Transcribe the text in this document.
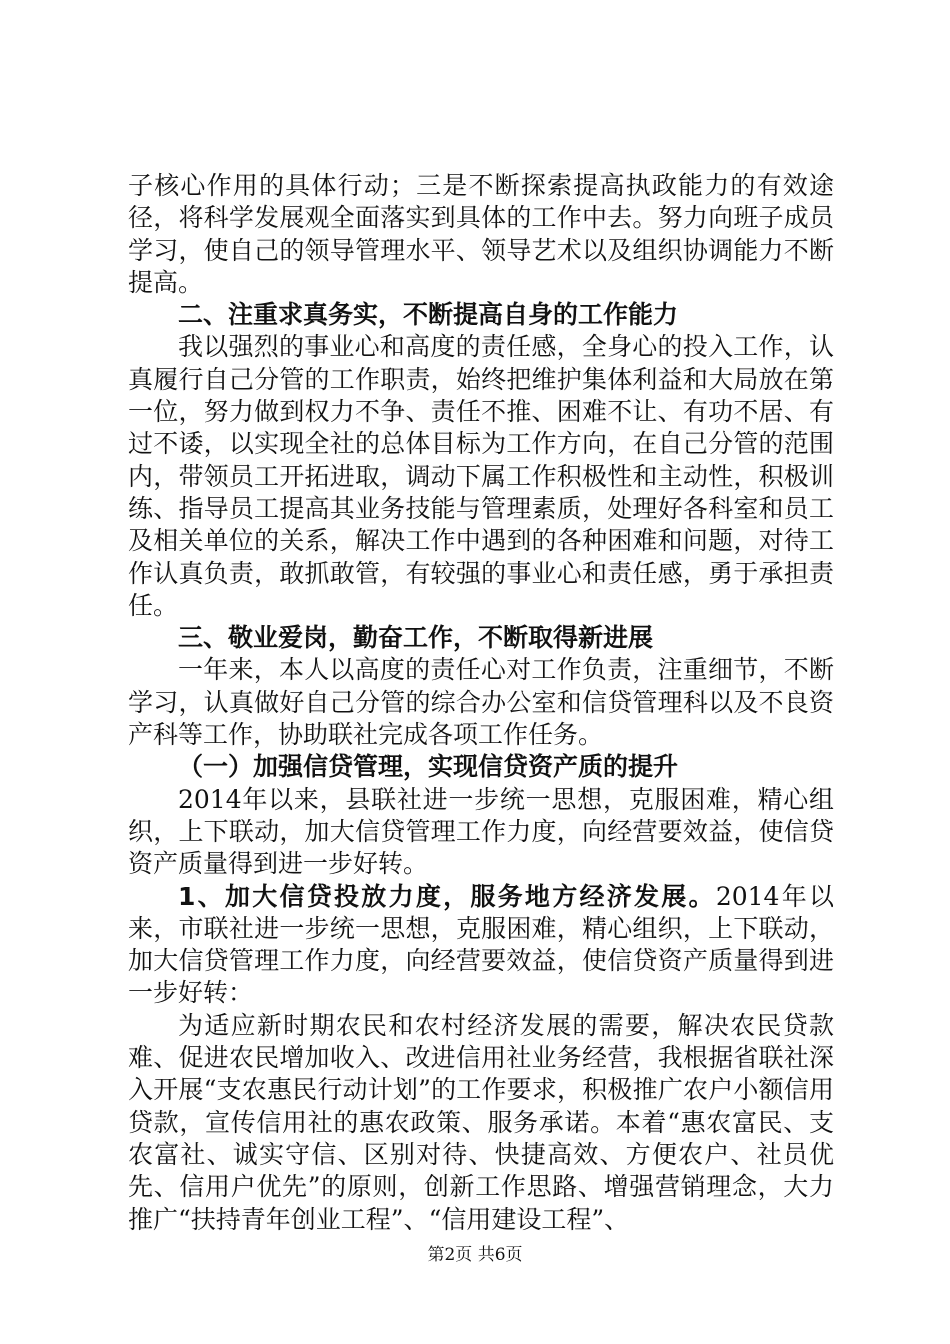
子核心作用的具体行动；三是不断探索提高执政能力的有效途径，将科学发展观全面落实到具体的工作中去。努力向班子成员学习，使自己的领导管理水平、领导艺术以及组织协调能力不断提高。

二、注重求真务实，不断提高自身的工作能力

我以强烈的事业心和高度的责任感，全身心的投入工作，认真履行自己分管的工作职责，始终把维护集体利益和大局放在第一位，努力做到权力不争、责任不推、困难不让、有功不居、有过不诿，以实现全社的总体目标为工作方向，在自己分管的范围内，带领员工开拓进取，调动下属工作积极性和主动性，积极训练、指导员工提高其业务技能与管理素质，处理好各科室和员工及相关单位的关系，解决工作中遇到的各种困难和问题，对待工作认真负责，敢抓敢管，有较强的事业心和责任感，勇于承担责任。

三、敬业爱岗，勤奋工作，不断取得新进展

一年来，本人以高度的责任心对工作负责，注重细节，不断学习，认真做好自己分管的综合办公室和信贷管理科以及不良资产科等工作，协助联社完成各项工作任务。

（一）加强信贷管理，实现信贷资产质的提升

2014年以来，县联社进一步统一思想，克服困难，精心组织，上下联动，加大信贷管理工作力度，向经营要效益，使信贷资产质量得到进一步好转。

1、加大信贷投放力度，服务地方经济发展。2014年以来，市联社进一步统一思想，克服困难，精心组织，上下联动，加大信贷管理工作力度，向经营要效益，使信贷资产质量得到进一步好转：

为适应新时期农民和农村经济发展的需要，解决农民贷款难、促进农民增加收入、改进信用社业务经营，我根据省联社深入开展“支农惠民行动计划”的工作要求，积极推广农户小额信用贷款，宣传信用社的惠农政策、服务承诺。本着“惠农富民、支农富社、诚实守信、区别对待、快捷高效、方便农户、社员优先、信用户优先”的原则，创新工作思路、增强营销理念，大力推广“扶持青年创业工程”、“信用建设工程”、

第2页 共6页
